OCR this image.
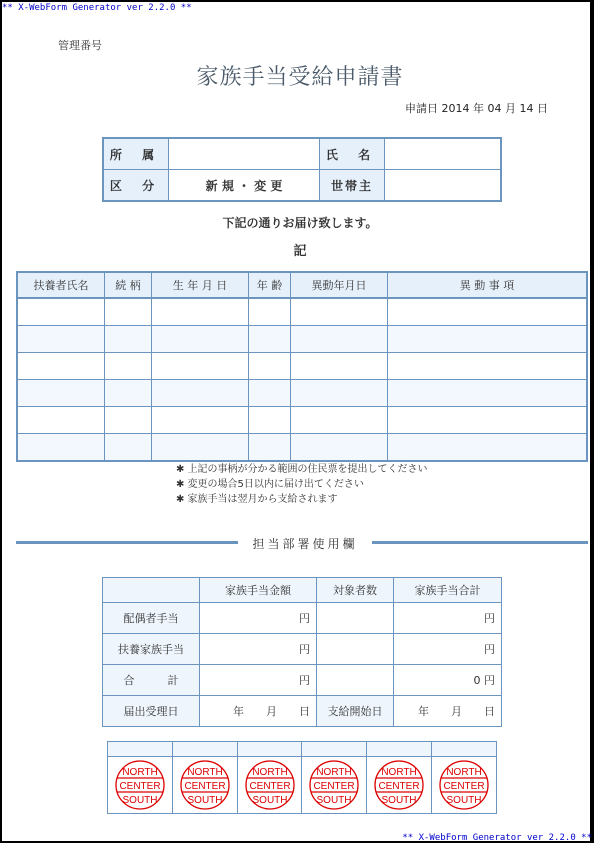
** X-WebForm Generator ver 2.2.0 **
管理番号
家族手当受給申請書
申請日 2014 年 04 月 14 日
所 属		氏 名	
区 分	新 規 ・ 変 更	世帯主	
下記の通りお届け致します。
記
扶養者氏名	続 柄	生 年 月 日	年 齢	異動年月日	異 動 事 項

✱ 上記の事柄が分かる範囲の住民票を提出してください
✱ 変更の場合5日以内に届け出てください
✱ 家族手当は翌月から支給されます
担当部署使用欄
	家族手当金額	対象者数	家族手当合計
配偶者手当	円		円
扶養家族手当	円		円
合　　　計	円		0 円
届出受理日	年　　月　　日	支給開始日	年　　月　　日

NORTH
CENTER
SOUTH	NORTH
CENTER
SOUTH	NORTH
CENTER
SOUTH	NORTH
CENTER
SOUTH	NORTH
CENTER
SOUTH	NORTH
CENTER
SOUTH
** X-WebForm Generator ver 2.2.0 **
